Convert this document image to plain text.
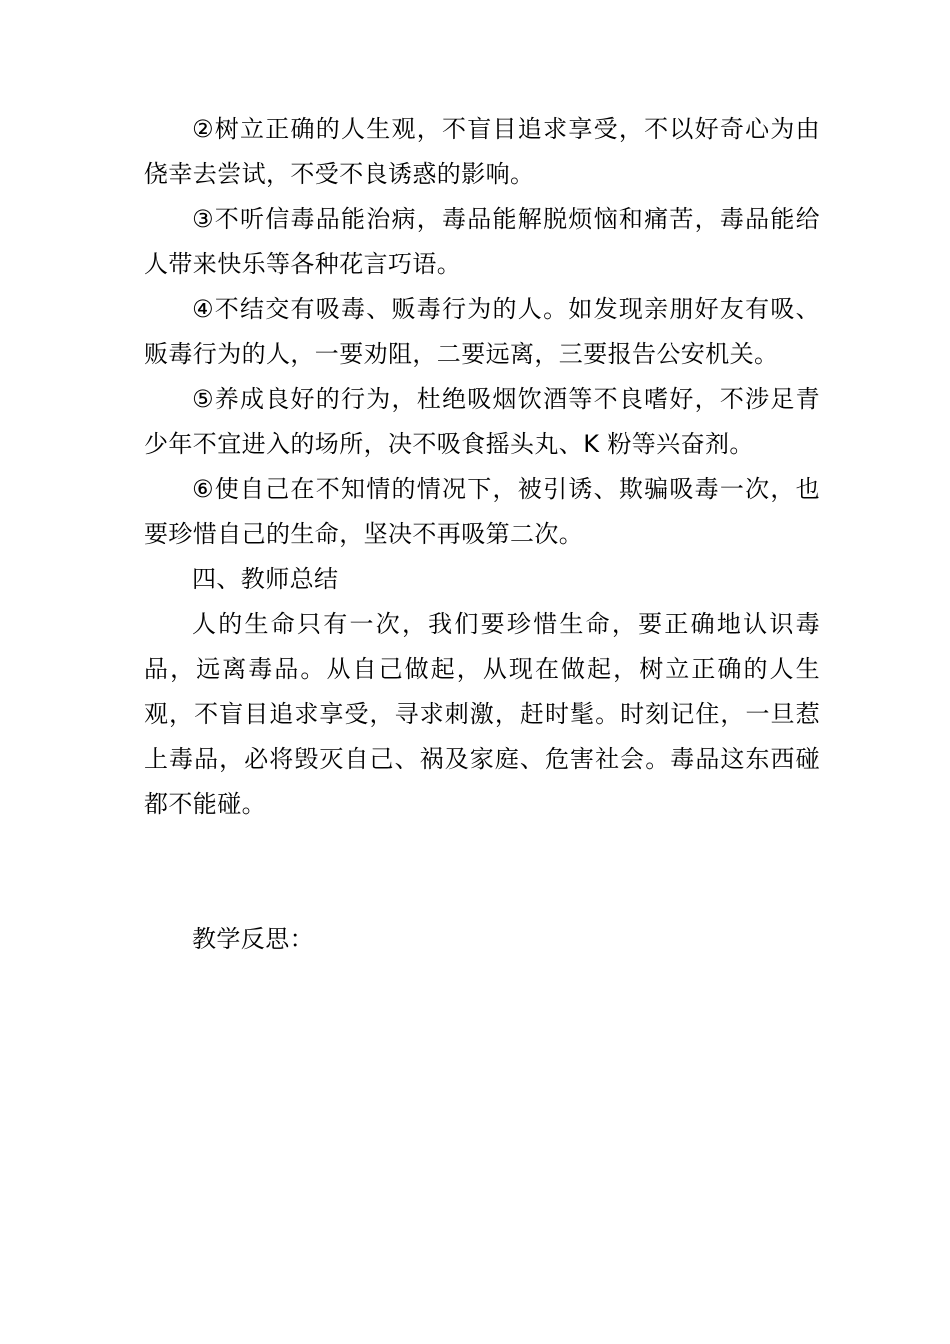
②树立正确的人生观，不盲目追求享受，不以好奇心为由侥幸去尝试，不受不良诱惑的影响。

③不听信毒品能治病，毒品能解脱烦恼和痛苦，毒品能给人带来快乐等各种花言巧语。

④不结交有吸毒、贩毒行为的人。如发现亲朋好友有吸、贩毒行为的人，一要劝阻，二要远离，三要报告公安机关。

⑤养成良好的行为，杜绝吸烟饮酒等不良嗜好，不涉足青少年不宜进入的场所，决不吸食摇头丸、K 粉等兴奋剂。

⑥使自己在不知情的情况下，被引诱、欺骗吸毒一次，也要珍惜自己的生命，坚决不再吸第二次。

四、教师总结

人的生命只有一次，我们要珍惜生命，要正确地认识毒品，远离毒品。从自己做起，从现在做起，树立正确的人生观，不盲目追求享受，寻求刺激，赶时髦。时刻记住，一旦惹上毒品，必将毁灭自己、祸及家庭、危害社会。毒品这东西碰都不能碰。

教学反思：
